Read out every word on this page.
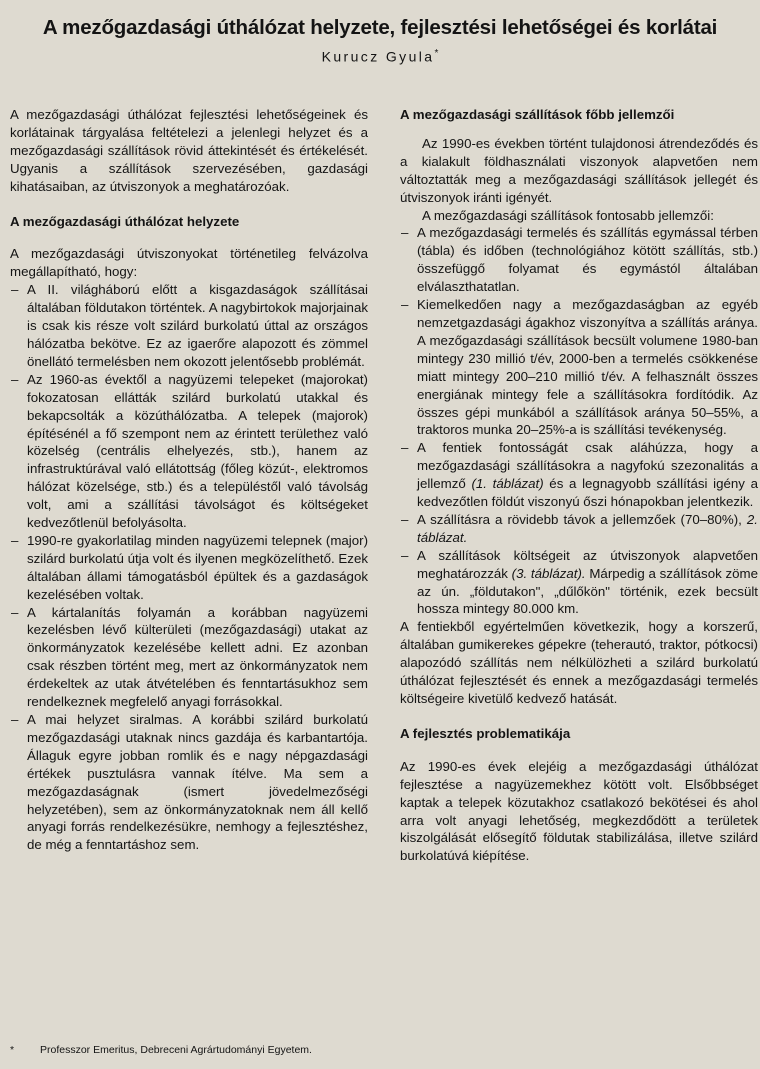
A mezőgazdasági úthálózat helyzete, fejlesztési lehetőségei és korlátai
Kurucz Gyula*

A mezőgazdasági úthálózat fejlesztési lehetőségeinek és korlátainak tárgyalása feltételezi a jelenlegi helyzet és a mezőgazdasági szállítások rövid áttekintését és értékelését. Ugyanis a szállítások szervezésében, gazdasági kihatásaiban, az útviszonyok a meghatározóak.

A mezőgazdasági úthálózat helyzete

A mezőgazdasági útviszonyokat történetileg felvázolva megállapítható, hogy:

– A II. világháború előtt a kisgazdaságok szállításai általában földutakon történtek. A nagybirtokok majorjainak is csak kis része volt szilárd burkolatú úttal az országos hálózatba bekötve. Ez az igaerőre alapozott és zömmel önellátó termelésben nem okozott jelentősebb problémát.
– Az 1960-as évektől a nagyüzemi telepeket (majorokat) fokozatosan ellátták szilárd burkolatú utakkal és bekapcsolták a közúthálózatba. A telepek (majorok) építésénél a fő szempont nem az érintett területhez való közelség (centrális elhelyezés, stb.), hanem az infrastruktúrával való ellátottság (főleg közút-, elektromos hálózat közelsége, stb.) és a településtől való távolság volt, ami a szállítási távolságot és költségeket kedvezőtlenül befolyásolta.
– 1990-re gyakorlatilag minden nagyüzemi telepnek (major) szilárd burkolatú útja volt és ilyenen megközelíthető. Ezek általában állami támogatásból épültek és a gazdaságok kezelésében voltak.
– A kártalanítás folyamán a korábban nagyüzemi kezelésben lévő külterületi (mezőgazdasági) utakat az önkormányzatok kezelésébe kellett adni. Ez azonban csak részben történt meg, mert az önkormányzatok nem érdekeltek az utak átvételében és fenntartásukhoz sem rendelkeznek megfelelő anyagi forrásokkal.
– A mai helyzet siralmas. A korábbi szilárd burkolatú mezőgazdasági utaknak nincs gazdája és karbantartója. Állaguk egyre jobban romlik és e nagy népgazdasági értékek pusztulásra vannak ítélve. Ma sem a mezőgazdaságnak (ismert jövedelmezőségi helyzetében), sem az önkormányzatoknak nem áll kellő anyagi forrás rendelkezésükre, nemhogy a fejlesztéshez, de még a fenntartáshoz sem.
A mezőgazdasági szállítások főbb jellemzői

Az 1990-es években történt tulajdonosi átrendeződés és a kialakult földhasználati viszonyok alapvetően nem változtatták meg a mezőgazdasági szállítások jellegét és útviszonyok iránti igényét.

A mezőgazdasági szállítások fontosabb jellemzői:

– A mezőgazdasági termelés és szállítás egymással térben (tábla) és időben (technológiához kötött szállítás, stb.) összefüggő folyamat és egymástól általában elválaszthatatlan.
– Kiemelkedően nagy a mezőgazdaságban az egyéb nemzetgazdasági ágakhoz viszonyítva a szállítás aránya. A mezőgazdasági szállítások becsült volumene 1980-ban mintegy 230 millió t/év, 2000-ben a termelés csökkenése miatt mintegy 200–210 millió t/év. A felhasznált összes energiának mintegy fele a szállításokra fordítódik. Az összes gépi munkából a szállítások aránya 50–55%, a traktoros munka 20–25%-a is szállítási tevékenység.
– A fentiek fontosságát csak aláhúzza, hogy a mezőgazdasági szállításokra a nagyfokú szezonalitás a jellemző (1. táblázat) és a legnagyobb szállítási igény a kedvezőtlen földút viszonyú őszi hónapokban jelentkezik.
– A szállításra a rövidebb távok a jellemzőek (70–80%), 2. táblázat.
– A szállítások költségeit az útviszonyok alapvetően meghatározzák (3. táblázat). Márpedig a szállítások zöme az ún. „földutakon", „dűlőkön" történik, ezek becsült hossza mintegy 80.000 km.

A fentiekből egyértelműen következik, hogy a korszerű, általában gumikerekes gépekre (teherautó, traktor, pótkocsi) alapozódó szállítás nem nélkülözheti a szilárd burkolatú úthálózat fejlesztését és ennek a mezőgazdasági termelés költségeire kivetülő kedvező hatását.

A fejlesztés problematikája

Az 1990-es évek elejéig a mezőgazdasági úthálózat fejlesztése a nagyüzemekhez kötött volt. Elsőbbséget kaptak a telepek közutakhoz csatlakozó bekötései és ahol arra volt anyagi lehetőség, megkezdődött a területek kiszolgálását elősegítő földutak stabilizálása, illetve szilárd burkolatúvá kiépítése.

* Professzor Emeritus, Debreceni Agrártudományi Egyetem.
